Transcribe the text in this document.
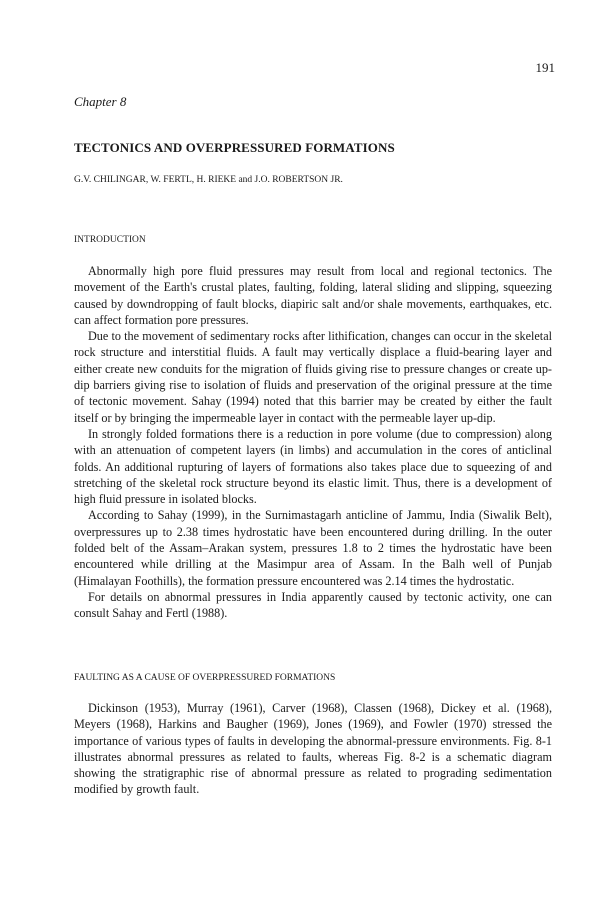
191
Chapter 8
TECTONICS AND OVERPRESSURED FORMATIONS
G.V. CHILINGAR, W. FERTL, H. RIEKE and J.O. ROBERTSON JR.
INTRODUCTION

Abnormally high pore fluid pressures may result from local and regional tectonics. The movement of the Earth's crustal plates, faulting, folding, lateral sliding and slipping, squeezing caused by downdropping of fault blocks, diapiric salt and/or shale movements, earthquakes, etc. can affect formation pore pressures.

Due to the movement of sedimentary rocks after lithification, changes can occur in the skeletal rock structure and interstitial fluids. A fault may vertically displace a fluid-bearing layer and either create new conduits for the migration of fluids giving rise to pressure changes or create up-dip barriers giving rise to isolation of fluids and preservation of the original pressure at the time of tectonic movement. Sahay (1994) noted that this barrier may be created by either the fault itself or by bringing the impermeable layer in contact with the permeable layer up-dip.

In strongly folded formations there is a reduction in pore volume (due to compression) along with an attenuation of competent layers (in limbs) and accumulation in the cores of anticlinal folds. An additional rupturing of layers of formations also takes place due to squeezing of and stretching of the skeletal rock structure beyond its elastic limit. Thus, there is a development of high fluid pressure in isolated blocks.

According to Sahay (1999), in the Surnimastagarh anticline of Jammu, India (Siwalik Belt), overpressures up to 2.38 times hydrostatic have been encountered during drilling. In the outer folded belt of the Assam–Arakan system, pressures 1.8 to 2 times the hydrostatic have been encountered while drilling at the Masimpur area of Assam. In the Balh well of Punjab (Himalayan Foothills), the formation pressure encountered was 2.14 times the hydrostatic.

For details on abnormal pressures in India apparently caused by tectonic activity, one can consult Sahay and Fertl (1988).

FAULTING AS A CAUSE OF OVERPRESSURED FORMATIONS

Dickinson (1953), Murray (1961), Carver (1968), Classen (1968), Dickey et al. (1968), Meyers (1968), Harkins and Baugher (1969), Jones (1969), and Fowler (1970) stressed the importance of various types of faults in developing the abnormal-pressure environments. Fig. 8-1 illustrates abnormal pressures as related to faults, whereas Fig. 8-2 is a schematic diagram showing the stratigraphic rise of abnormal pressure as related to prograding sedimentation modified by growth fault.
